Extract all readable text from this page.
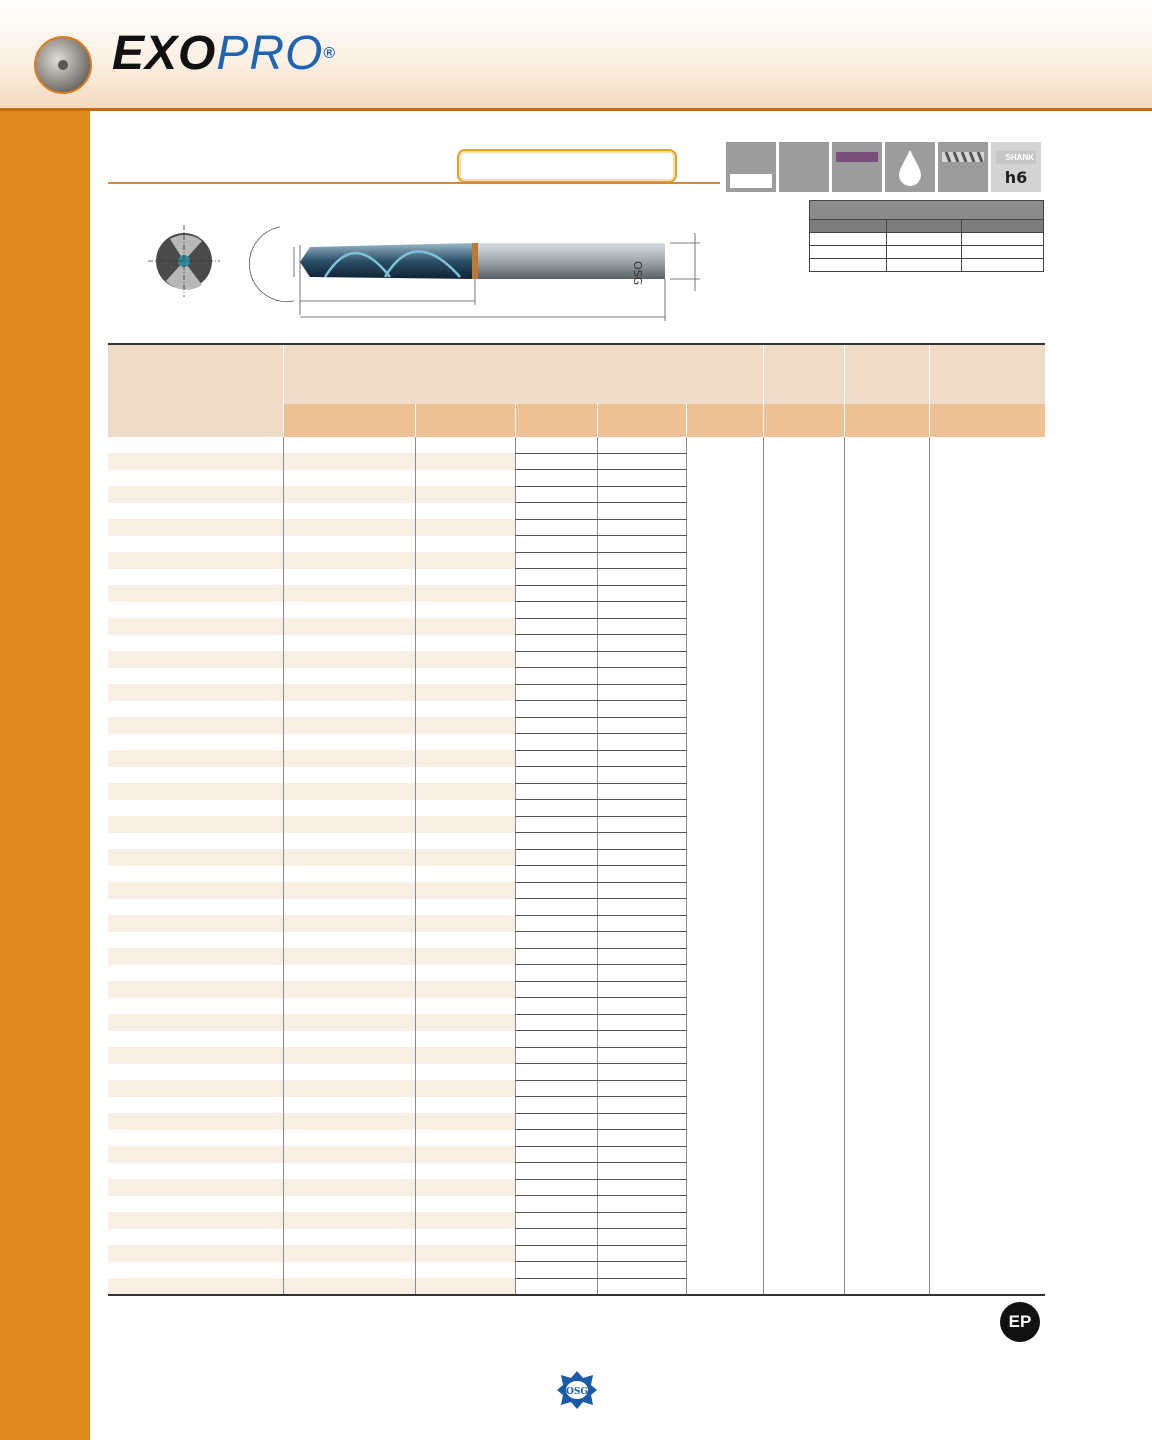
EXOPRO®
SHANK
h6

OSG

EP
OSG
